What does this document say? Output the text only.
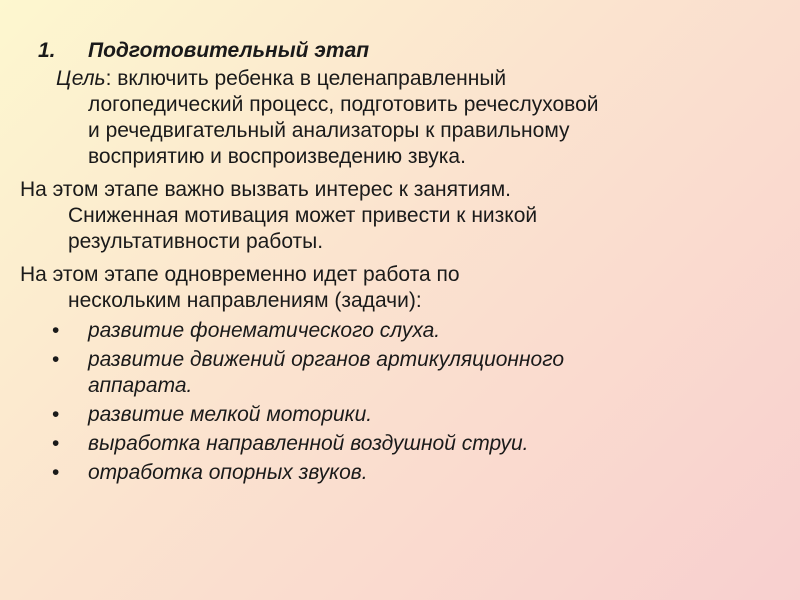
1. Подготовительный этап
Цель: включить ребенка в целенаправленный
логопедический процесс, подготовить речеслуховой
и речедвигательный анализаторы к правильному
восприятию и воспроизведению звука.
На этом этапе важно вызвать интерес к занятиям.
Сниженная мотивация может привести к низкой
результативности работы.
На этом этапе одновременно идет работа по
нескольким направлениям (задачи):
•	развитие фонематического слуха.
•	развитие движений органов артикуляционного
аппарата.
•	развитие мелкой моторики.
•	выработка направленной воздушной струи.
•	отработка опорных звуков.
